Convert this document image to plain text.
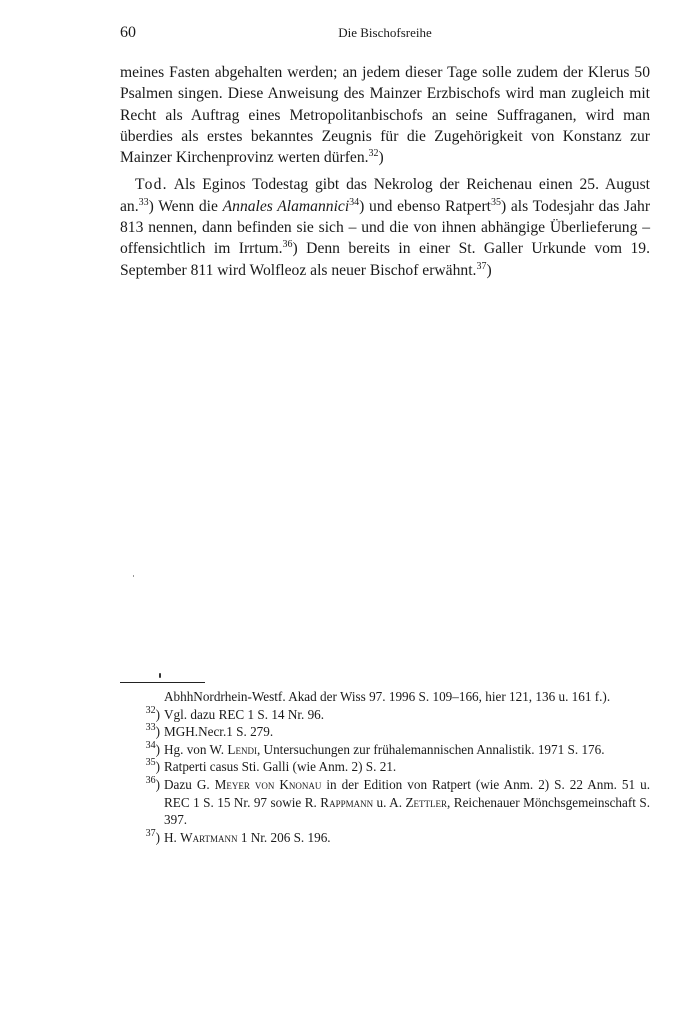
60	Die Bischofsreihe

meines Fasten abgehalten werden; an jedem dieser Tage solle zudem der Klerus 50 Psalmen singen. Diese Anweisung des Mainzer Erzbischofs wird man zugleich mit Recht als Auftrag eines Metropolitanbischofs an seine Suffraganen, wird man überdies als erstes bekanntes Zeugnis für die Zugehörigkeit von Konstanz zur Mainzer Kirchenprovinz werten dürfen.$^{32}$)

Tod. Als Eginos Todestag gibt das Nekrolog der Reichenau einen 25. August an.$^{33}$) Wenn die Annales Alamannici$^{34}$) und ebenso Ratpert$^{35}$) als Todesjahr das Jahr 813 nennen, dann befinden sie sich – und die von ihnen abhängige Überlieferung – offensichtlich im Irrtum.$^{36}$) Denn bereits in einer St. Galler Urkunde vom 19. September 811 wird Wolfleoz als neuer Bischof erwähnt.$^{37}$)

AbhhNordrhein-Westf. Akad der Wiss 97. 1996 S. 109–166, hier 121, 136 u. 161 f.).
$^{32}$) Vgl. dazu REC 1 S. 14 Nr. 96.
$^{33}$) MGH.Necr.1 S. 279.
$^{34}$) Hg. von W. Lendi, Untersuchungen zur frühalemannischen Annalistik. 1971 S. 176.
$^{35}$) Ratperti casus Sti. Galli (wie Anm. 2) S. 21.
$^{36}$) Dazu G. Meyer von Knonau in der Edition von Ratpert (wie Anm. 2) S. 22 Anm. 51 u. REC 1 S. 15 Nr. 97 sowie R. Rappmann u. A. Zettler, Reichenauer Mönchsgemeinschaft S. 397.
$^{37}$) H. Wartmann 1 Nr. 206 S. 196.
